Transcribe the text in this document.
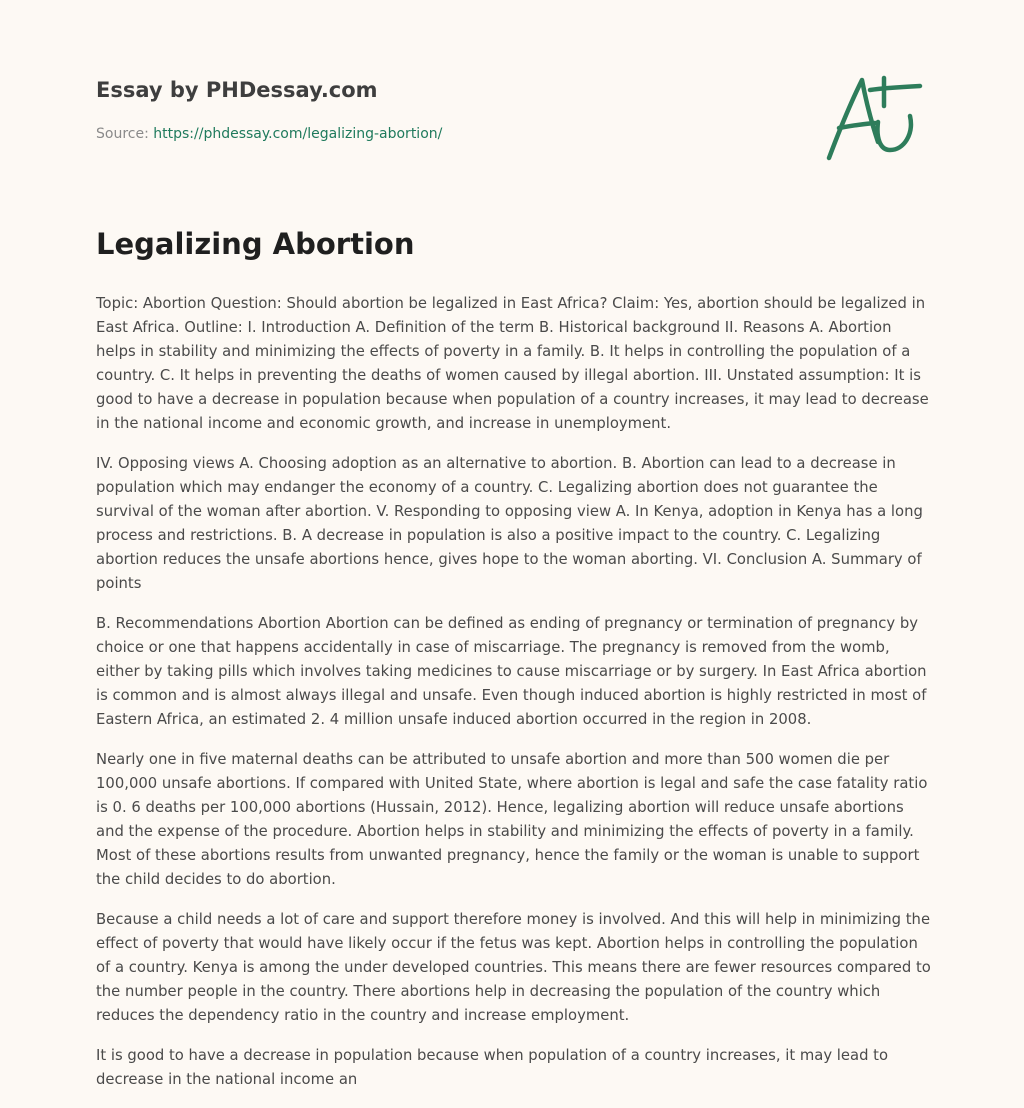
Essay by PHDessay.com
Source: https://phdessay.com/legalizing-abortion/
Legalizing Abortion

Topic: Abortion Question: Should abortion be legalized in East Africa? Claim: Yes, abortion should be legalized in East Africa. Outline: I. Introduction A. Definition of the term B. Historical background II. Reasons A. Abortion helps in stability and minimizing the effects of poverty in a family. B. It helps in controlling the population of a country. C. It helps in preventing the deaths of women caused by illegal abortion. III. Unstated assumption: It is good to have a decrease in population because when population of a country increases, it may lead to decrease in the national income and economic growth, and increase in unemployment.

IV. Opposing views A. Choosing adoption as an alternative to abortion. B. Abortion can lead to a decrease in population which may endanger the economy of a country. C. Legalizing abortion does not guarantee the survival of the woman after abortion. V. Responding to opposing view A. In Kenya, adoption in Kenya has a long process and restrictions. B. A decrease in population is also a positive impact to the country. C. Legalizing abortion reduces the unsafe abortions hence, gives hope to the woman aborting. VI. Conclusion A. Summary of points

B. Recommendations Abortion Abortion can be defined as ending of pregnancy or termination of pregnancy by choice or one that happens accidentally in case of miscarriage. The pregnancy is removed from the womb, either by taking pills which involves taking medicines to cause miscarriage or by surgery. In East Africa abortion is common and is almost always illegal and unsafe. Even though induced abortion is highly restricted in most of Eastern Africa, an estimated 2. 4 million unsafe induced abortion occurred in the region in 2008.

Nearly one in five maternal deaths can be attributed to unsafe abortion and more than 500 women die per 100,000 unsafe abortions. If compared with United State, where abortion is legal and safe the case fatality ratio is 0. 6 deaths per 100,000 abortions (Hussain, 2012). Hence, legalizing abortion will reduce unsafe abortions and the expense of the procedure. Abortion helps in stability and minimizing the effects of poverty in a family. Most of these abortions results from unwanted pregnancy, hence the family or the woman is unable to support the child decides to do abortion.

Because a child needs a lot of care and support therefore money is involved. And this will help in minimizing the effect of poverty that would have likely occur if the fetus was kept. Abortion helps in controlling the population of a country. Kenya is among the under developed countries. This means there are fewer resources compared to the number people in the country. There abortions help in decreasing the population of the country which reduces the dependency ratio in the country and increase employment.

It is good to have a decrease in population because when population of a country increases, it may lead to decrease in the national income an
